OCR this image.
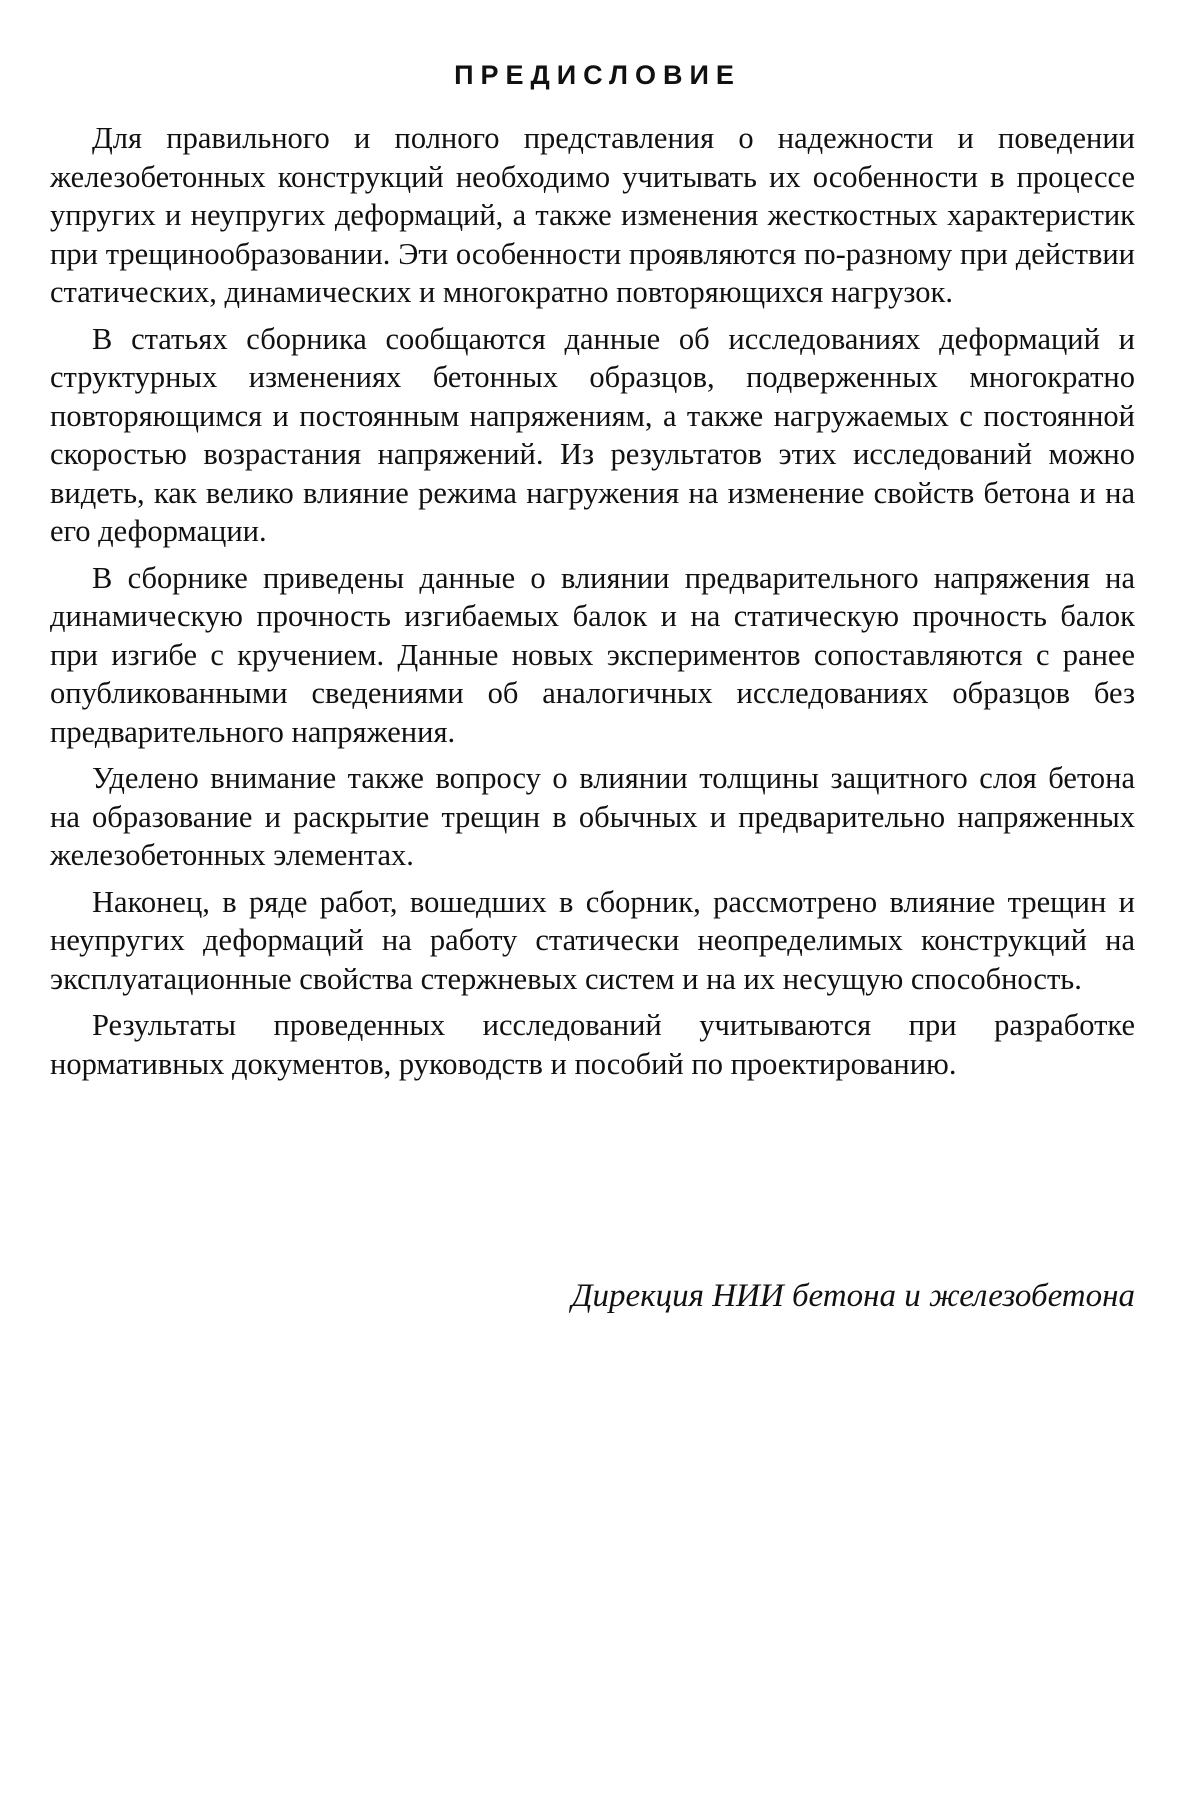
ПРЕДИСЛОВИЕ

Для правильного и полного представления о надежности и поведении железобетонных конструкций необходимо учитывать их особенности в процессе упругих и неупругих деформаций, а также изменения жесткостных характеристик при трещинообразовании. Эти особенности проявляются по-разному при действии статических, динамических и многократно повторяющихся нагрузок.

В статьях сборника сообщаются данные об исследованиях деформаций и структурных изменениях бетонных образцов, подверженных многократно повторяющимся и постоянным напряжениям, а также нагружаемых с постоянной скоростью возрастания напряжений. Из результатов этих исследований можно видеть, как велико влияние режима нагружения на изменение свойств бетона и на его деформации.

В сборнике приведены данные о влиянии предварительного напряжения на динамическую прочность изгибаемых балок и на статическую прочность балок при изгибе с кручением. Данные новых экспериментов сопоставляются с ранее опубликованными сведениями об аналогичных исследованиях образцов без предварительного напряжения.

Уделено внимание также вопросу о влиянии толщины защитного слоя бетона на образование и раскрытие трещин в обычных и предварительно напряженных железобетонных элементах.

Наконец, в ряде работ, вошедших в сборник, рассмотрено влияние трещин и неупругих деформаций на работу статически неопределимых конструкций на эксплуатационные свойства стержневых систем и на их несущую способность.

Результаты проведенных исследований учитываются при разработке нормативных документов, руководств и пособий по проектированию.

Дирекция НИИ бетона и железобетона
